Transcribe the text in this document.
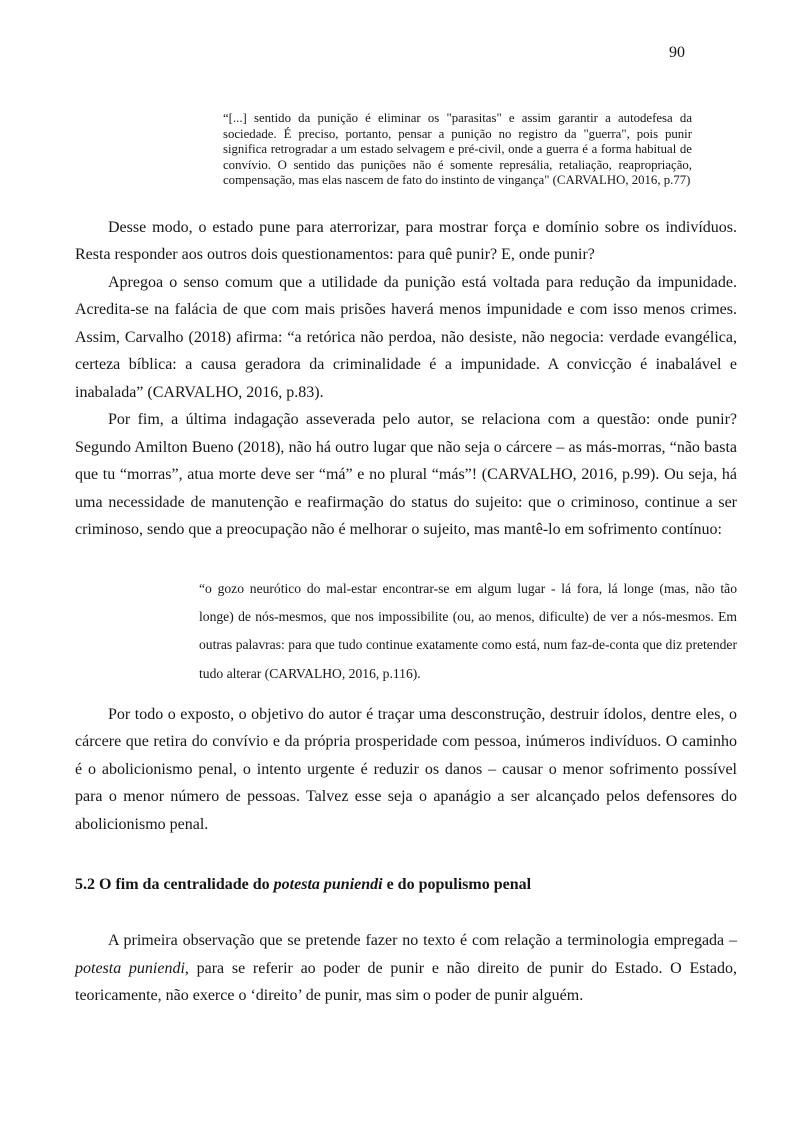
90
“[...] sentido da punição é eliminar os "parasitas" e assim garantir a autodefesa da sociedade. É preciso, portanto, pensar a punição no registro da "guerra", pois punir significa retrogradar a um estado selvagem e pré-civil, onde a guerra é a forma habitual de convívio. O sentido das punições não é somente represália, retaliação, reapropriação, compensação, mas elas nascem de fato do instinto de vingança" (CARVALHO, 2016, p.77)

Desse modo, o estado pune para aterrorizar, para mostrar força e domínio sobre os indivíduos. Resta responder aos outros dois questionamentos: para quê punir? E, onde punir?

Apregoa o senso comum que a utilidade da punição está voltada para redução da impunidade. Acredita-se na falácia de que com mais prisões haverá menos impunidade e com isso menos crimes. Assim, Carvalho (2018) afirma: “a retórica não perdoa, não desiste, não negocia: verdade evangélica, certeza bíblica: a causa geradora da criminalidade é a impunidade. A convicção é inabalável e inabalada” (CARVALHO, 2016, p.83).

Por fim, a última indagação asseverada pelo autor, se relaciona com a questão: onde punir? Segundo Amilton Bueno (2018), não há outro lugar que não seja o cárcere – as más-morras, “não basta que tu “morras”, atua morte deve ser “má” e no plural “más”! (CARVALHO, 2016, p.99). Ou seja, há uma necessidade de manutenção e reafirmação do status do sujeito: que o criminoso, continue a ser criminoso, sendo que a preocupação não é melhorar o sujeito, mas mantê-lo em sofrimento contínuo:

“o gozo neurótico do mal-estar encontrar-se em algum lugar - lá fora, lá longe (mas, não tão longe) de nós-mesmos, que nos impossibilite (ou, ao menos, dificulte) de ver a nós-mesmos. Em outras palavras: para que tudo continue exatamente como está, num faz-de-conta que diz pretender tudo alterar (CARVALHO, 2016, p.116).

Por todo o exposto, o objetivo do autor é traçar uma desconstrução, destruir ídolos, dentre eles, o cárcere que retira do convívio e da própria prosperidade com pessoa, inúmeros indivíduos. O caminho é o abolicionismo penal, o intento urgente é reduzir os danos – causar o menor sofrimento possível para o menor número de pessoas. Talvez esse seja o apanágio a ser alcançado pelos defensores do abolicionismo penal.

5.2 O fim da centralidade do potesta puniendi e do populismo penal

A primeira observação que se pretende fazer no texto é com relação a terminologia empregada – potesta puniendi, para se referir ao poder de punir e não direito de punir do Estado. O Estado, teoricamente, não exerce o ‘direito’ de punir, mas sim o poder de punir alguém.
